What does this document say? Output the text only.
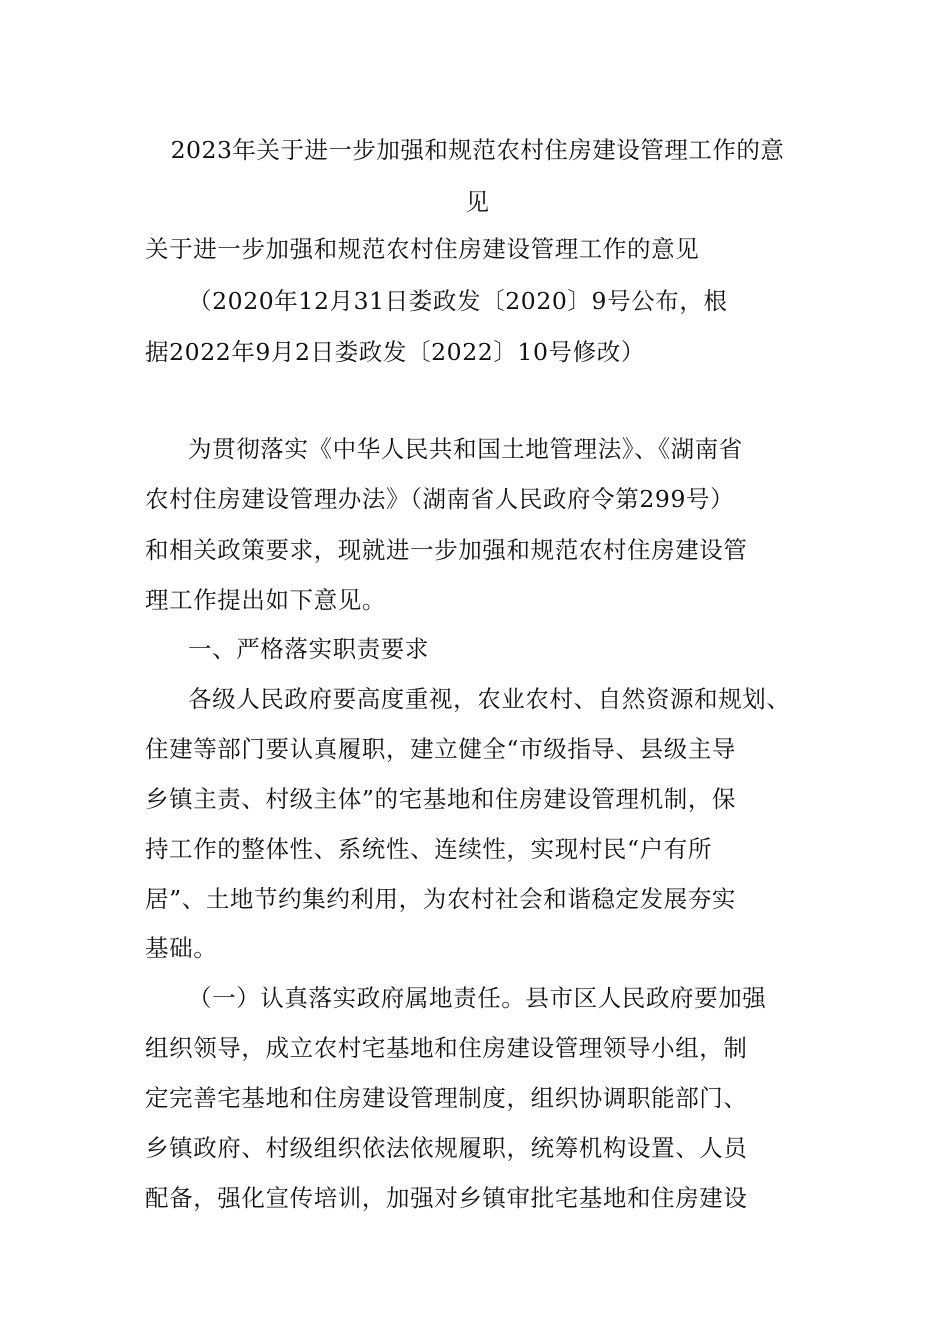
2023年关于进一步加强和规范农村住房建设管理工作的意
见
关于进一步加强和规范农村住房建设管理工作的意见
（2020年12月31日娄政发〔2020〕9号公布，根
据2022年9月2日娄政发〔2022〕10号修改）
为贯彻落实《中华人民共和国土地管理法》、《湖南省
农村住房建设管理办法》（湖南省人民政府令第299号）
和相关政策要求，现就进一步加强和规范农村住房建设管
理工作提出如下意见。
一、严格落实职责要求
各级人民政府要高度重视，农业农村、自然资源和规划、
住建等部门要认真履职，建立健全“市级指导、县级主导
乡镇主责、村级主体”的宅基地和住房建设管理机制，保
持工作的整体性、系统性、连续性，实现村民“户有所
居”、土地节约集约利用，为农村社会和谐稳定发展夯实
基础。
（一）认真落实政府属地责任。县市区人民政府要加强
组织领导，成立农村宅基地和住房建设管理领导小组，制
定完善宅基地和住房建设管理制度，组织协调职能部门、
乡镇政府、村级组织依法依规履职，统筹机构设置、人员
配备，强化宣传培训，加强对乡镇审批宅基地和住房建设
